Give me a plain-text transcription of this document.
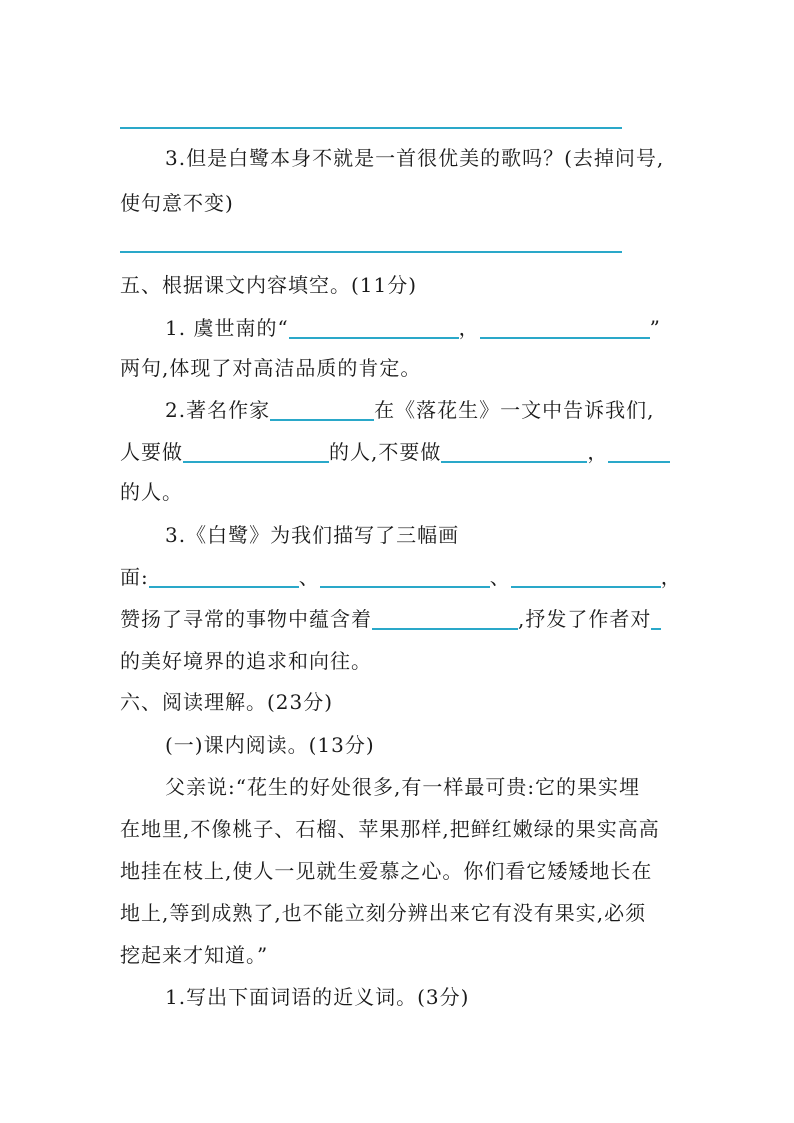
3.但是白鹭本身不就是一首很优美的歌吗？(去掉问号,
使句意不变)
五、根据课文内容填空。(11分)
1. 虞世南的“	，	”
两句,体现了对高洁品质的肯定。
2.著名作家	在《落花生》一文中告诉我们,
人要做	的人,不要做	，
的人。
3.《白鹭》为我们描写了三幅画
面:	、	、	，
赞扬了寻常的事物中蕴含着	,抒发了作者对
的美好境界的追求和向往。
六、阅读理解。(23分)
(一)课内阅读。(13分)
父亲说:“花生的好处很多,有一样最可贵:它的果实埋
在地里,不像桃子、石榴、苹果那样,把鲜红嫩绿的果实高高
地挂在枝上,使人一见就生爱慕之心。你们看它矮矮地长在
地上,等到成熟了,也不能立刻分辨出来它有没有果实,必须
挖起来才知道。”
1.写出下面词语的近义词。(3分)
